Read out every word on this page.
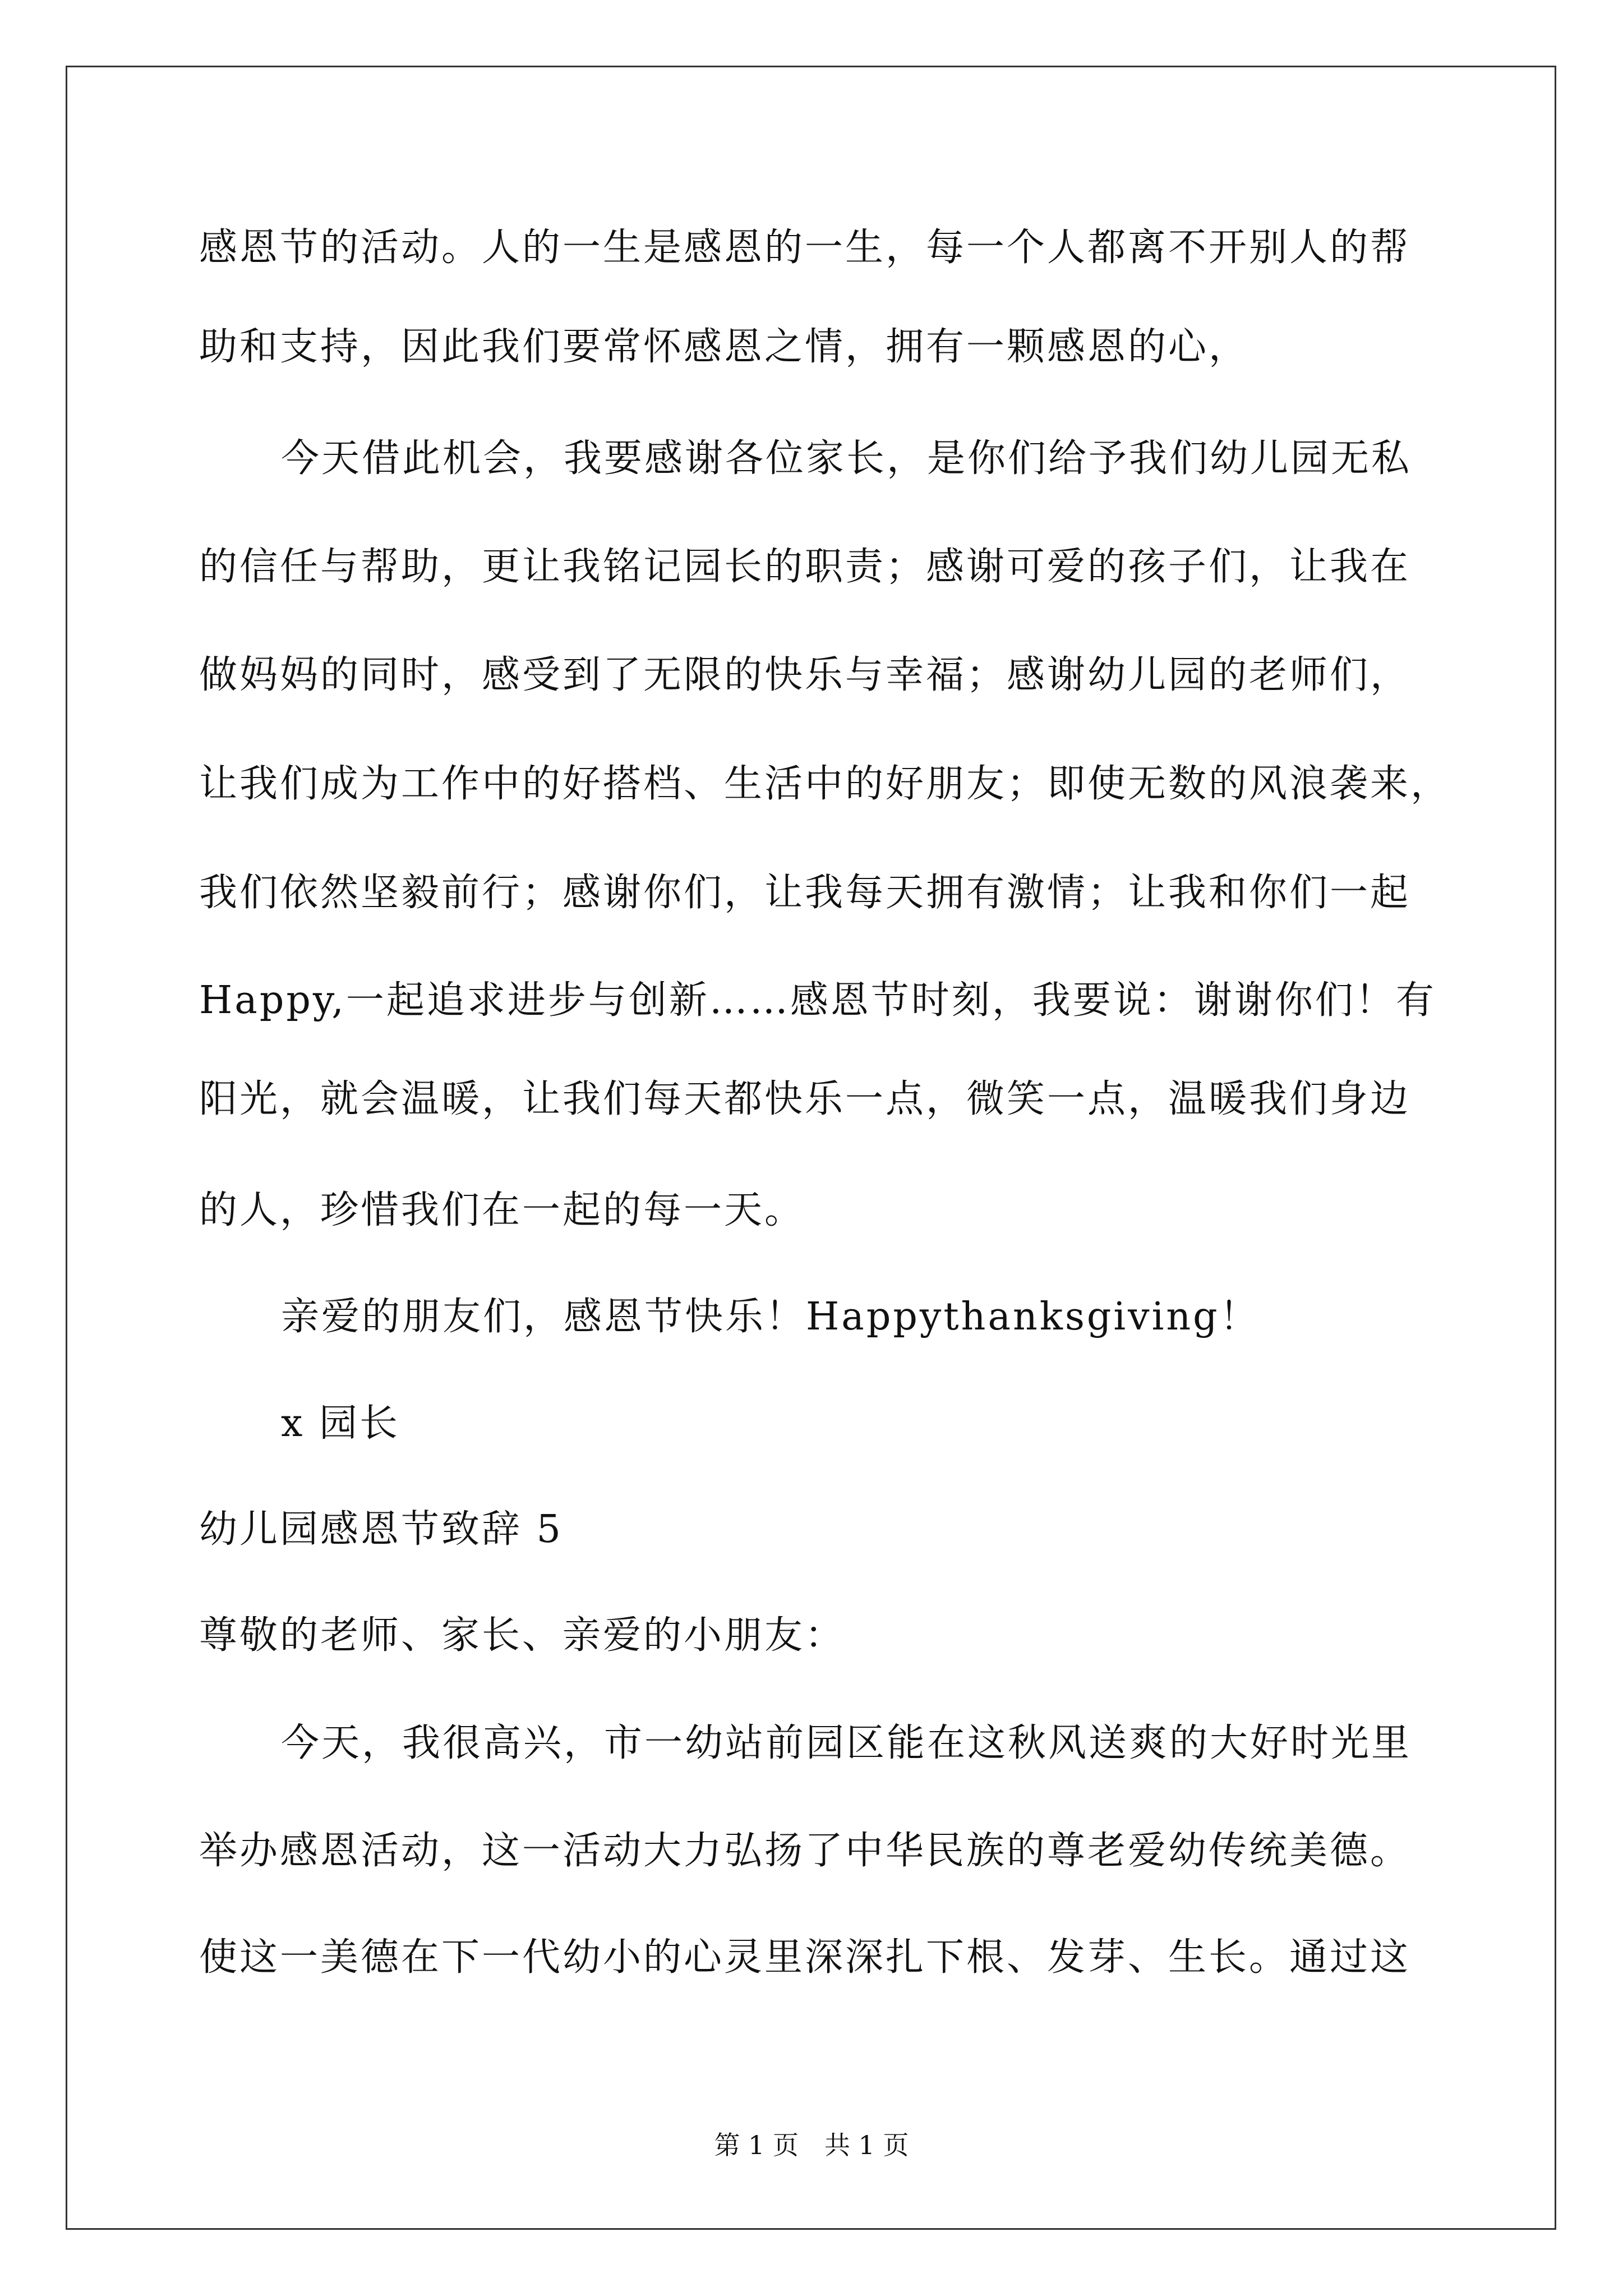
感恩节的活动。人的一生是感恩的一生，每一个人都离不开别人的帮
助和支持，因此我们要常怀感恩之情，拥有一颗感恩的心，
今天借此机会，我要感谢各位家长，是你们给予我们幼儿园无私
的信任与帮助，更让我铭记园长的职责；感谢可爱的孩子们，让我在
做妈妈的同时，感受到了无限的快乐与幸福；感谢幼儿园的老师们，
让我们成为工作中的好搭档、生活中的好朋友；即使无数的风浪袭来，
我们依然坚毅前行；感谢你们，让我每天拥有激情；让我和你们一起
Happy,一起追求进步与创新……感恩节时刻，我要说：谢谢你们！有
阳光，就会温暖，让我们每天都快乐一点，微笑一点，温暖我们身边
的人，珍惜我们在一起的每一天。
亲爱的朋友们，感恩节快乐！Happythanksgiving！
x 园长
幼儿园感恩节致辞 5
尊敬的老师、家长、亲爱的小朋友：
今天，我很高兴，市一幼站前园区能在这秋风送爽的大好时光里
举办感恩活动，这一活动大力弘扬了中华民族的尊老爱幼传统美德。
使这一美德在下一代幼小的心灵里深深扎下根、发芽、生长。通过这
第 1 页　共 1 页
